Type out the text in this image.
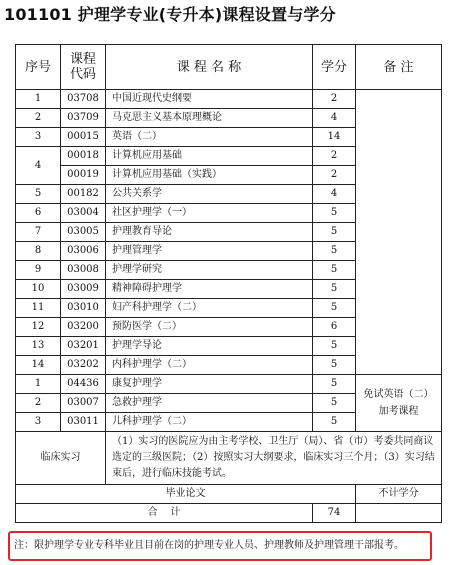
101101 护理学专业(专升本)课程设置与学分
序号	课程代码	课 程 名 称	学分	备 注
1	03708	中国近现代史纲要	2	
2	03709	马克思主义基本原理概论	4	
3	00015	英语（二）	14	
4	00018	计算机应用基础	2	
	00019	计算机应用基础（实践）	2	
5	00182	公共关系学	4	
6	03004	社区护理学（一）	5	
7	03005	护理教育导论	5	
8	03006	护理管理学	5	
9	03008	护理学研究	5	
10	03009	精神障碍护理学	5	
11	03010	妇产科护理学（二）	5	
12	03200	预防医学（二）	6	
13	03201	护理学导论	5	
14	03202	内科护理学（二）	5	
1	04436	康复护理学	5	免试英语（二）加考课程
2	03007	急救护理学	5	
3	03011	儿科护理学（二）	5	
临床实习		（1）实习的医院应为由主考学校、卫生厅（局）、省（市）考委共同商议选定的三级医院；（2）按照实习大纲要求，临床实习三个月；（3）实习结束后，进行临床技能考试。		
毕业论文				不计学分
合    计			74	
注：限护理学专业专科毕业且目前在岗的护理专业人员、护理教师及护理管理干部报考。
